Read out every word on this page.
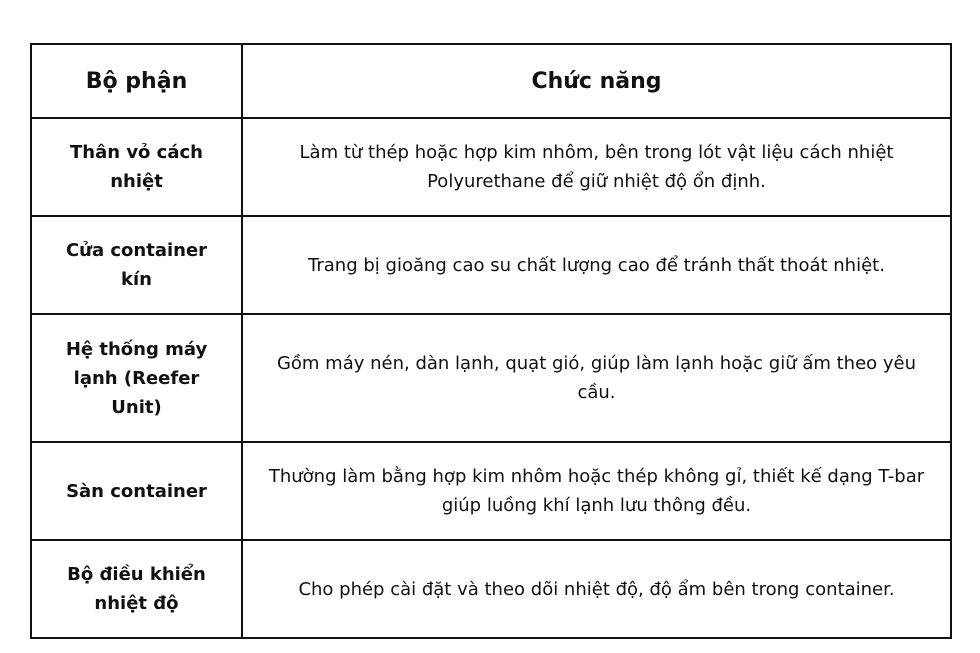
Bộ phận	Chức năng
Thân vỏ cách nhiệt	Làm từ thép hoặc hợp kim nhôm, bên trong lót vật liệu cách nhiệt Polyurethane để giữ nhiệt độ ổn định.
Cửa container kín	Trang bị gioăng cao su chất lượng cao để tránh thất thoát nhiệt.
Hệ thống máy lạnh (Reefer Unit)	Gồm máy nén, dàn lạnh, quạt gió, giúp làm lạnh hoặc giữ ấm theo yêu cầu.
Sàn container	Thường làm bằng hợp kim nhôm hoặc thép không gỉ, thiết kế dạng T-bar giúp luồng khí lạnh lưu thông đều.
Bộ điều khiển nhiệt độ	Cho phép cài đặt và theo dõi nhiệt độ, độ ẩm bên trong container.
